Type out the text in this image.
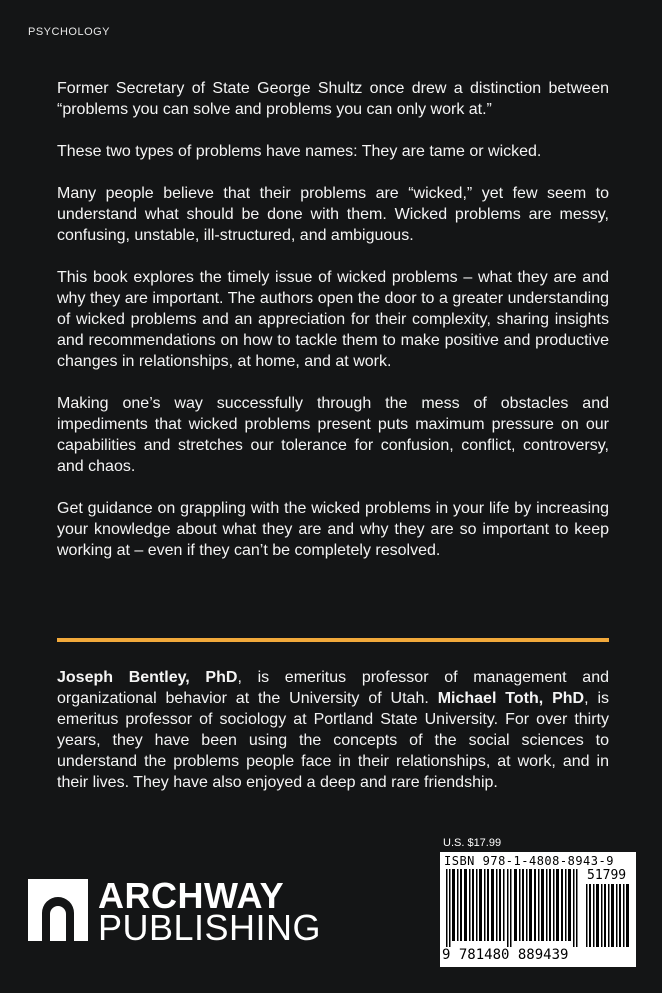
PSYCHOLOGY

Former Secretary of State George Shultz once drew a distinction between “problems you can solve and problems you can only work at.”

These two types of problems have names: They are tame or wicked.

Many people believe that their problems are “wicked,” yet few seem to understand what should be done with them. Wicked problems are messy, confusing, unstable, ill-structured, and ambiguous.

This book explores the timely issue of wicked problems – what they are and why they are important. The authors open the door to a greater understanding of wicked problems and an appreciation for their complexity, sharing insights and recommendations on how to tackle them to make positive and productive changes in relationships, at home, and at work.

Making one’s way successfully through the mess of obstacles and impediments that wicked problems present puts maximum pressure on our capabilities and stretches our tolerance for confusion, conflict, controversy, and chaos.

Get guidance on grappling with the wicked problems in your life by increasing your knowledge about what they are and why they are so important to keep working at – even if they can’t be completely resolved.

Joseph Bentley, PhD, is emeritus professor of management and organizational behavior at the University of Utah. Michael Toth, PhD, is emeritus professor of sociology at Portland State University. For over thirty years, they have been using the concepts of the social sciences to understand the problems people face in their relationships, at work, and in their lives. They have also enjoyed a deep and rare friendship.
ARCHWAY
PUBLISHING
U.S. $17.99
ISBN 978-1-4808-8943-9
51799
9 781480 889439
